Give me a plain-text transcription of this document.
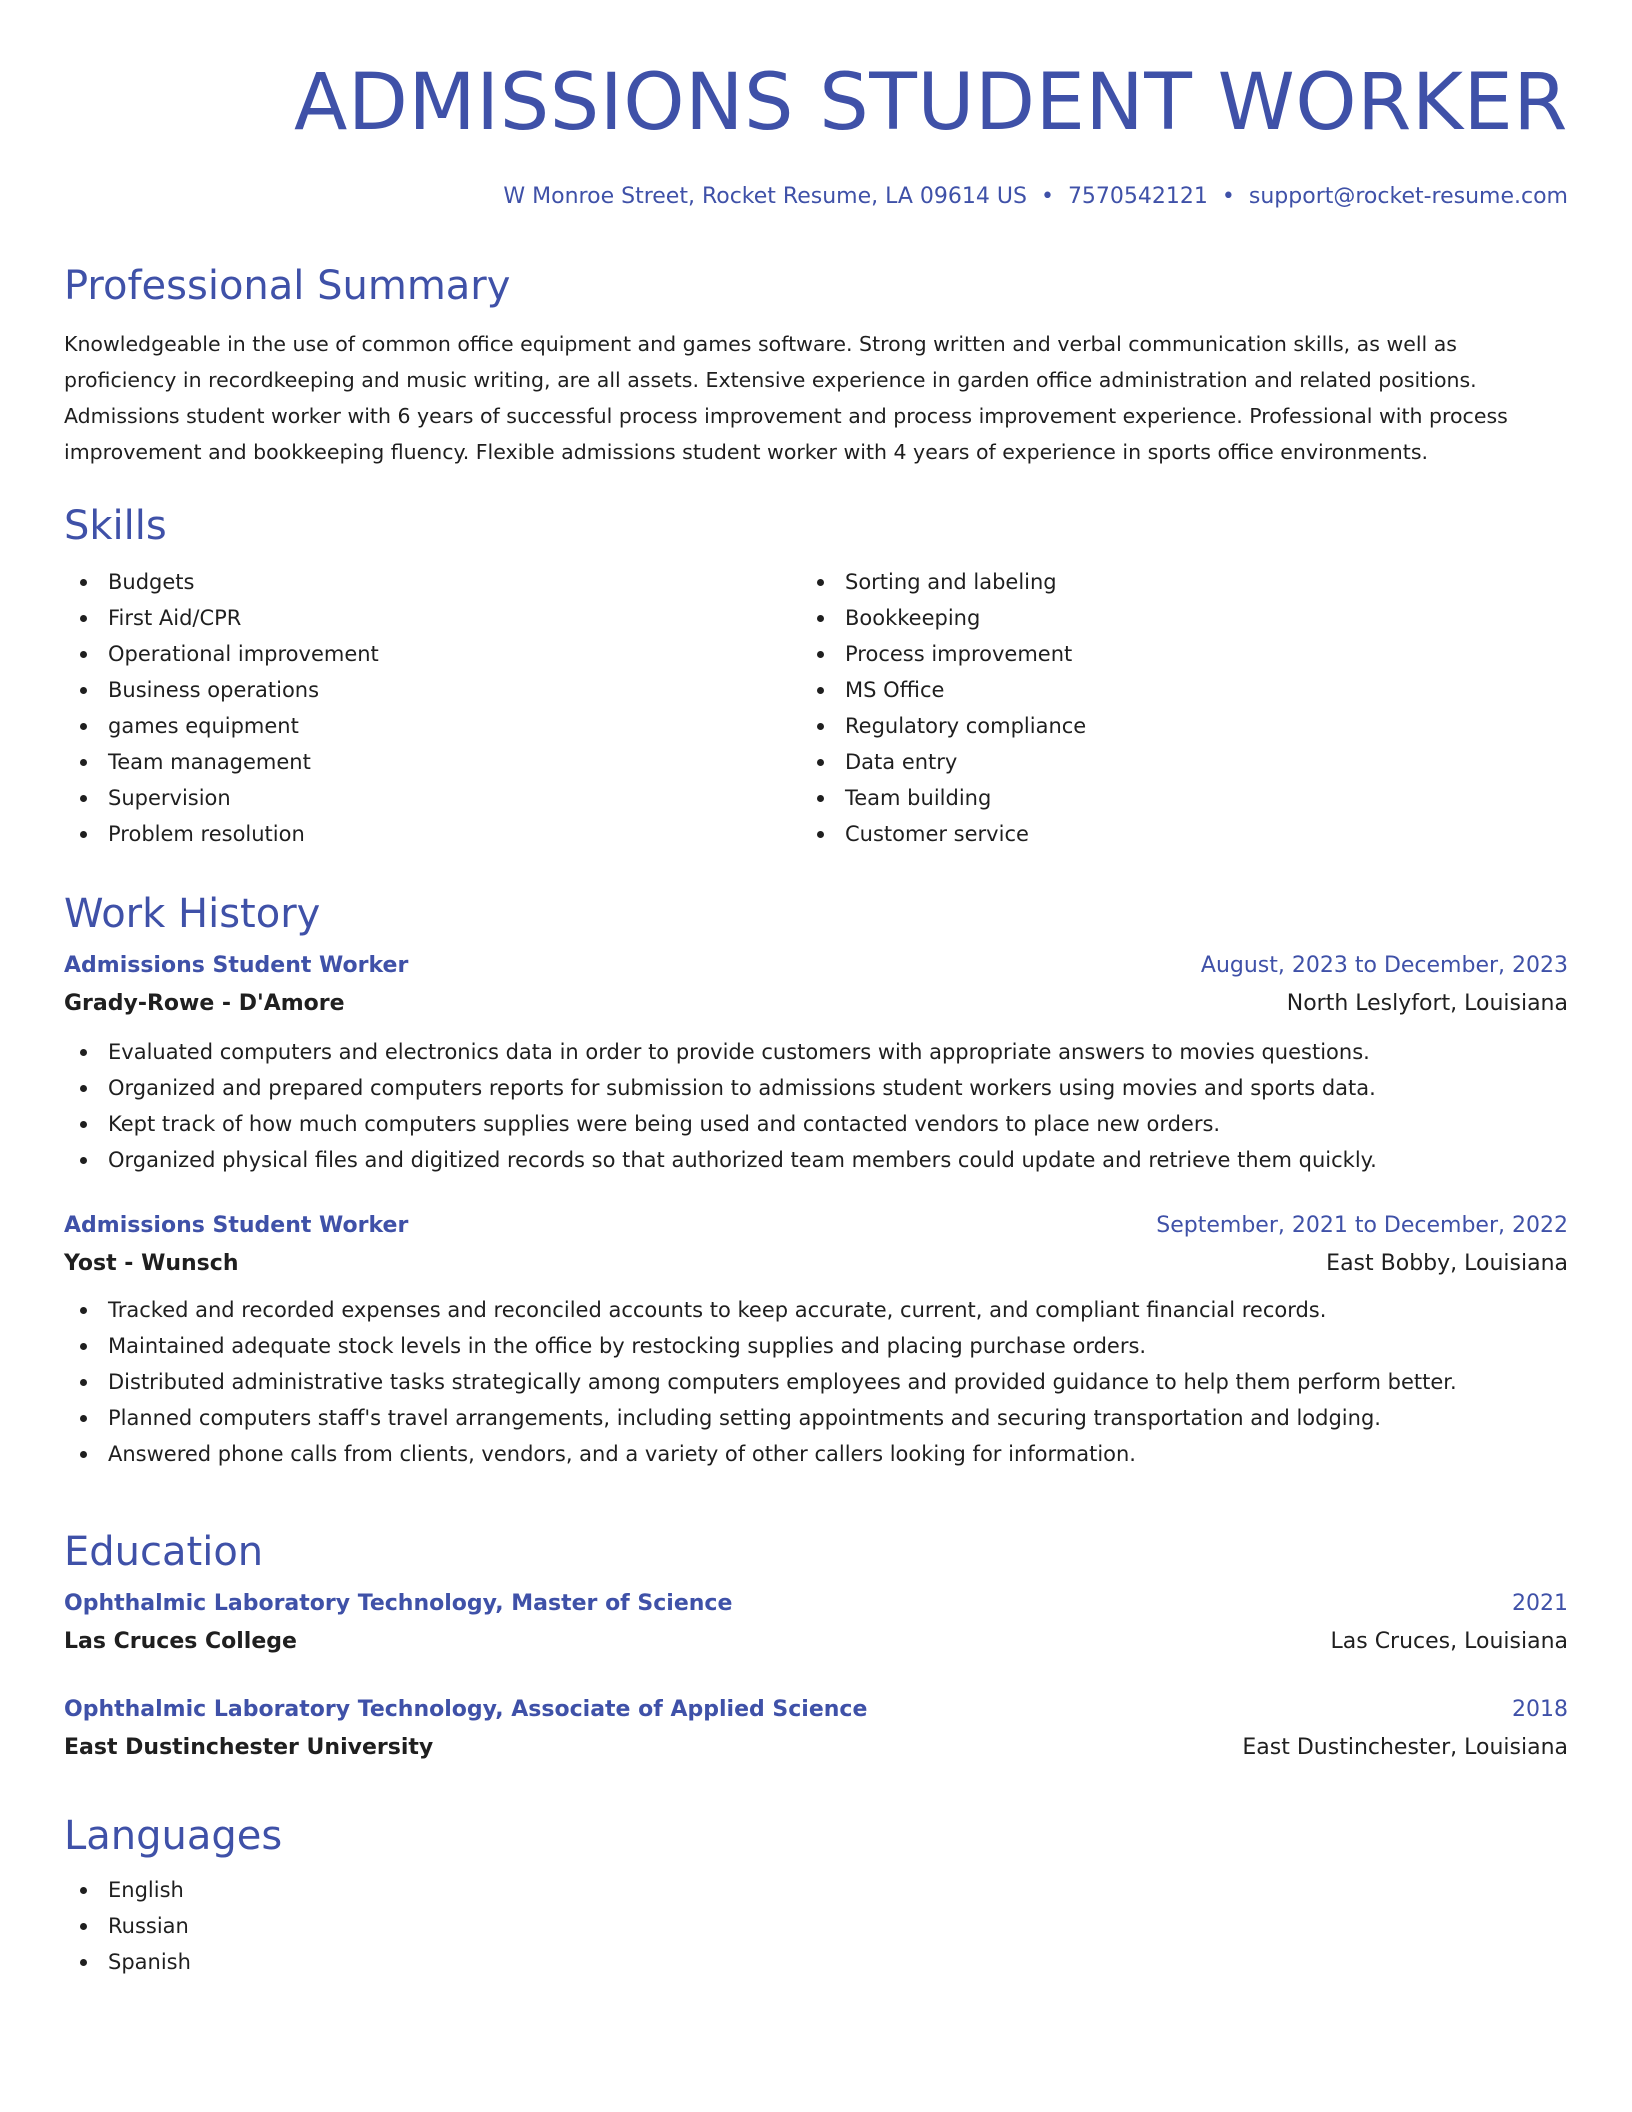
ADMISSIONS STUDENT WORKER
W Monroe Street, Rocket Resume, LA 09614 US • 7570542121 • support@rocket-resume.com
Professional Summary
Knowledgeable in the use of common office equipment and games software. Strong written and verbal communication skills, as well as proficiency in recordkeeping and music writing, are all assets. Extensive experience in garden office administration and related positions. Admissions student worker with 6 years of successful process improvement and process improvement experience. Professional with process improvement and bookkeeping fluency. Flexible admissions student worker with 4 years of experience in sports office environments.
Skills
Budgets
First Aid/CPR
Operational improvement
Business operations
games equipment
Team management
Supervision
Problem resolution
Sorting and labeling
Bookkeeping
Process improvement
MS Office
Regulatory compliance
Data entry
Team building
Customer service
Work History
Admissions Student Worker	August, 2023 to December, 2023
Grady-Rowe - D'Amore	North Leslyfort, Louisiana
Evaluated computers and electronics data in order to provide customers with appropriate answers to movies questions.
Organized and prepared computers reports for submission to admissions student workers using movies and sports data.
Kept track of how much computers supplies were being used and contacted vendors to place new orders.
Organized physical files and digitized records so that authorized team members could update and retrieve them quickly.
Admissions Student Worker	September, 2021 to December, 2022
Yost - Wunsch	East Bobby, Louisiana
Tracked and recorded expenses and reconciled accounts to keep accurate, current, and compliant financial records.
Maintained adequate stock levels in the office by restocking supplies and placing purchase orders.
Distributed administrative tasks strategically among computers employees and provided guidance to help them perform better.
Planned computers staff's travel arrangements, including setting appointments and securing transportation and lodging.
Answered phone calls from clients, vendors, and a variety of other callers looking for information.
Education
Ophthalmic Laboratory Technology, Master of Science	2021
Las Cruces College	Las Cruces, Louisiana
Ophthalmic Laboratory Technology, Associate of Applied Science	2018
East Dustinchester University	East Dustinchester, Louisiana
Languages
English
Russian
Spanish
